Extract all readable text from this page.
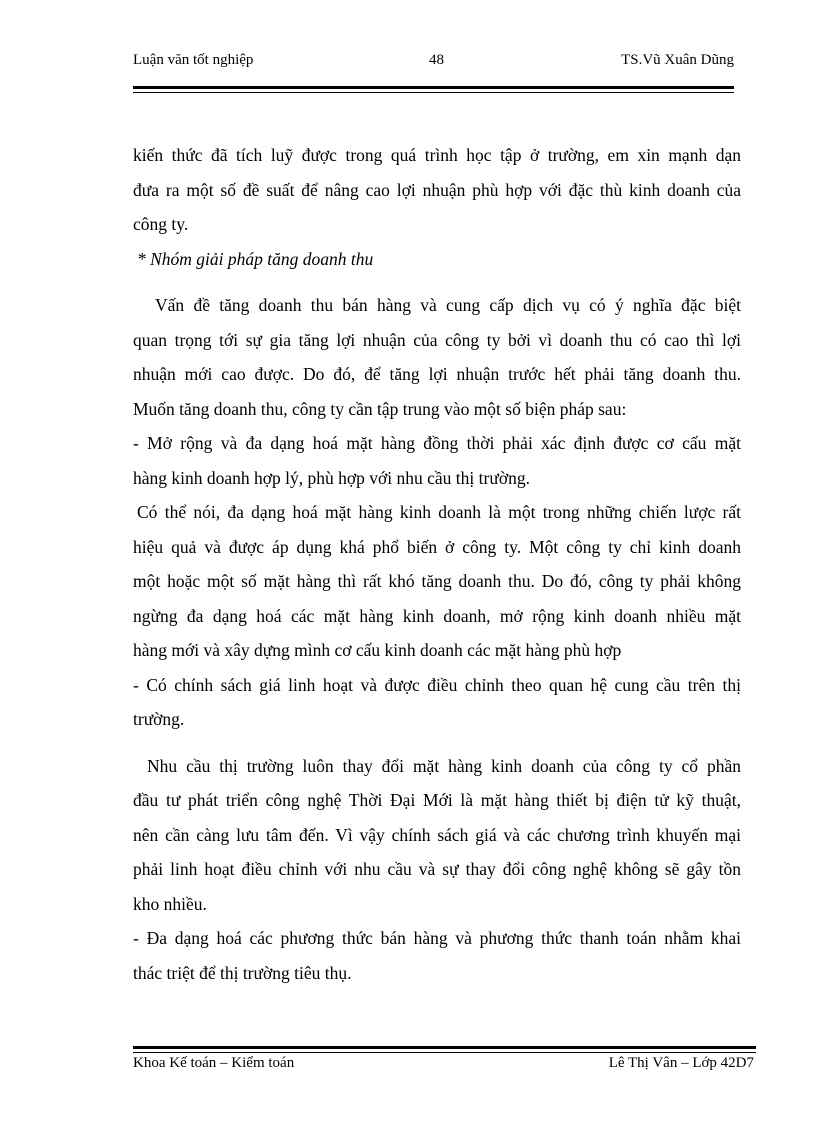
Luận văn tốt nghiệp	48	TS.Vũ Xuân Dũng

kiến thức đã tích luỹ được trong quá trình học tập ở trường, em xin mạnh dạn

đưa ra một số đề suất để nâng cao lợi nhuận phù hợp với đặc thù kinh doanh của

công ty.

* Nhóm giải pháp tăng doanh thu

Vấn đề tăng doanh thu bán hàng và cung cấp dịch vụ có ý nghĩa đặc biệt

quan trọng tới sự gia tăng lợi nhuận của công ty bởi vì doanh thu có cao thì lợi

nhuận mới cao được. Do đó, để tăng lợi nhuận trước hết phải tăng doanh thu.

Muốn tăng doanh thu, công ty cần tập trung vào một số biện pháp sau:

- Mở rộng và đa dạng hoá mặt hàng đồng thời phải xác định được cơ cấu mặt

hàng kinh doanh hợp lý, phù hợp với nhu cầu thị trường.

Có thể nói, đa dạng hoá mặt hàng kinh doanh là một trong những chiến lược rất

hiệu quả và được áp dụng khá phổ biến ở công ty. Một công ty chỉ kinh doanh

một hoặc một số mặt hàng thì rất khó tăng doanh thu. Do đó, công ty phải không

ngừng đa dạng hoá các mặt hàng kinh doanh, mở rộng kinh doanh nhiều mặt

hàng mới và xây dựng mình cơ cấu kinh doanh các mặt hàng phù hợp

- Có chính sách giá linh hoạt và được điều chỉnh theo quan hệ cung cầu trên thị

trường.

Nhu cầu thị trường luôn thay đổi mặt hàng kinh doanh của công ty cổ phần

đầu tư phát triển công nghệ Thời Đại Mới là mặt hàng thiết bị điện tử kỹ thuật,

nên cần càng lưu tâm đến. Vì vậy chính sách giá và các chương trình khuyến mại

phải linh hoạt điều chỉnh với nhu cầu và sự thay đổi công nghệ không sẽ gây tồn

kho nhiều.

- Đa dạng hoá các phương thức bán hàng và phương thức thanh toán nhằm khai

thác triệt để thị trường tiêu thụ.

Khoa Kế toán – Kiểm toán	Lê Thị Vân – Lớp 42D7
